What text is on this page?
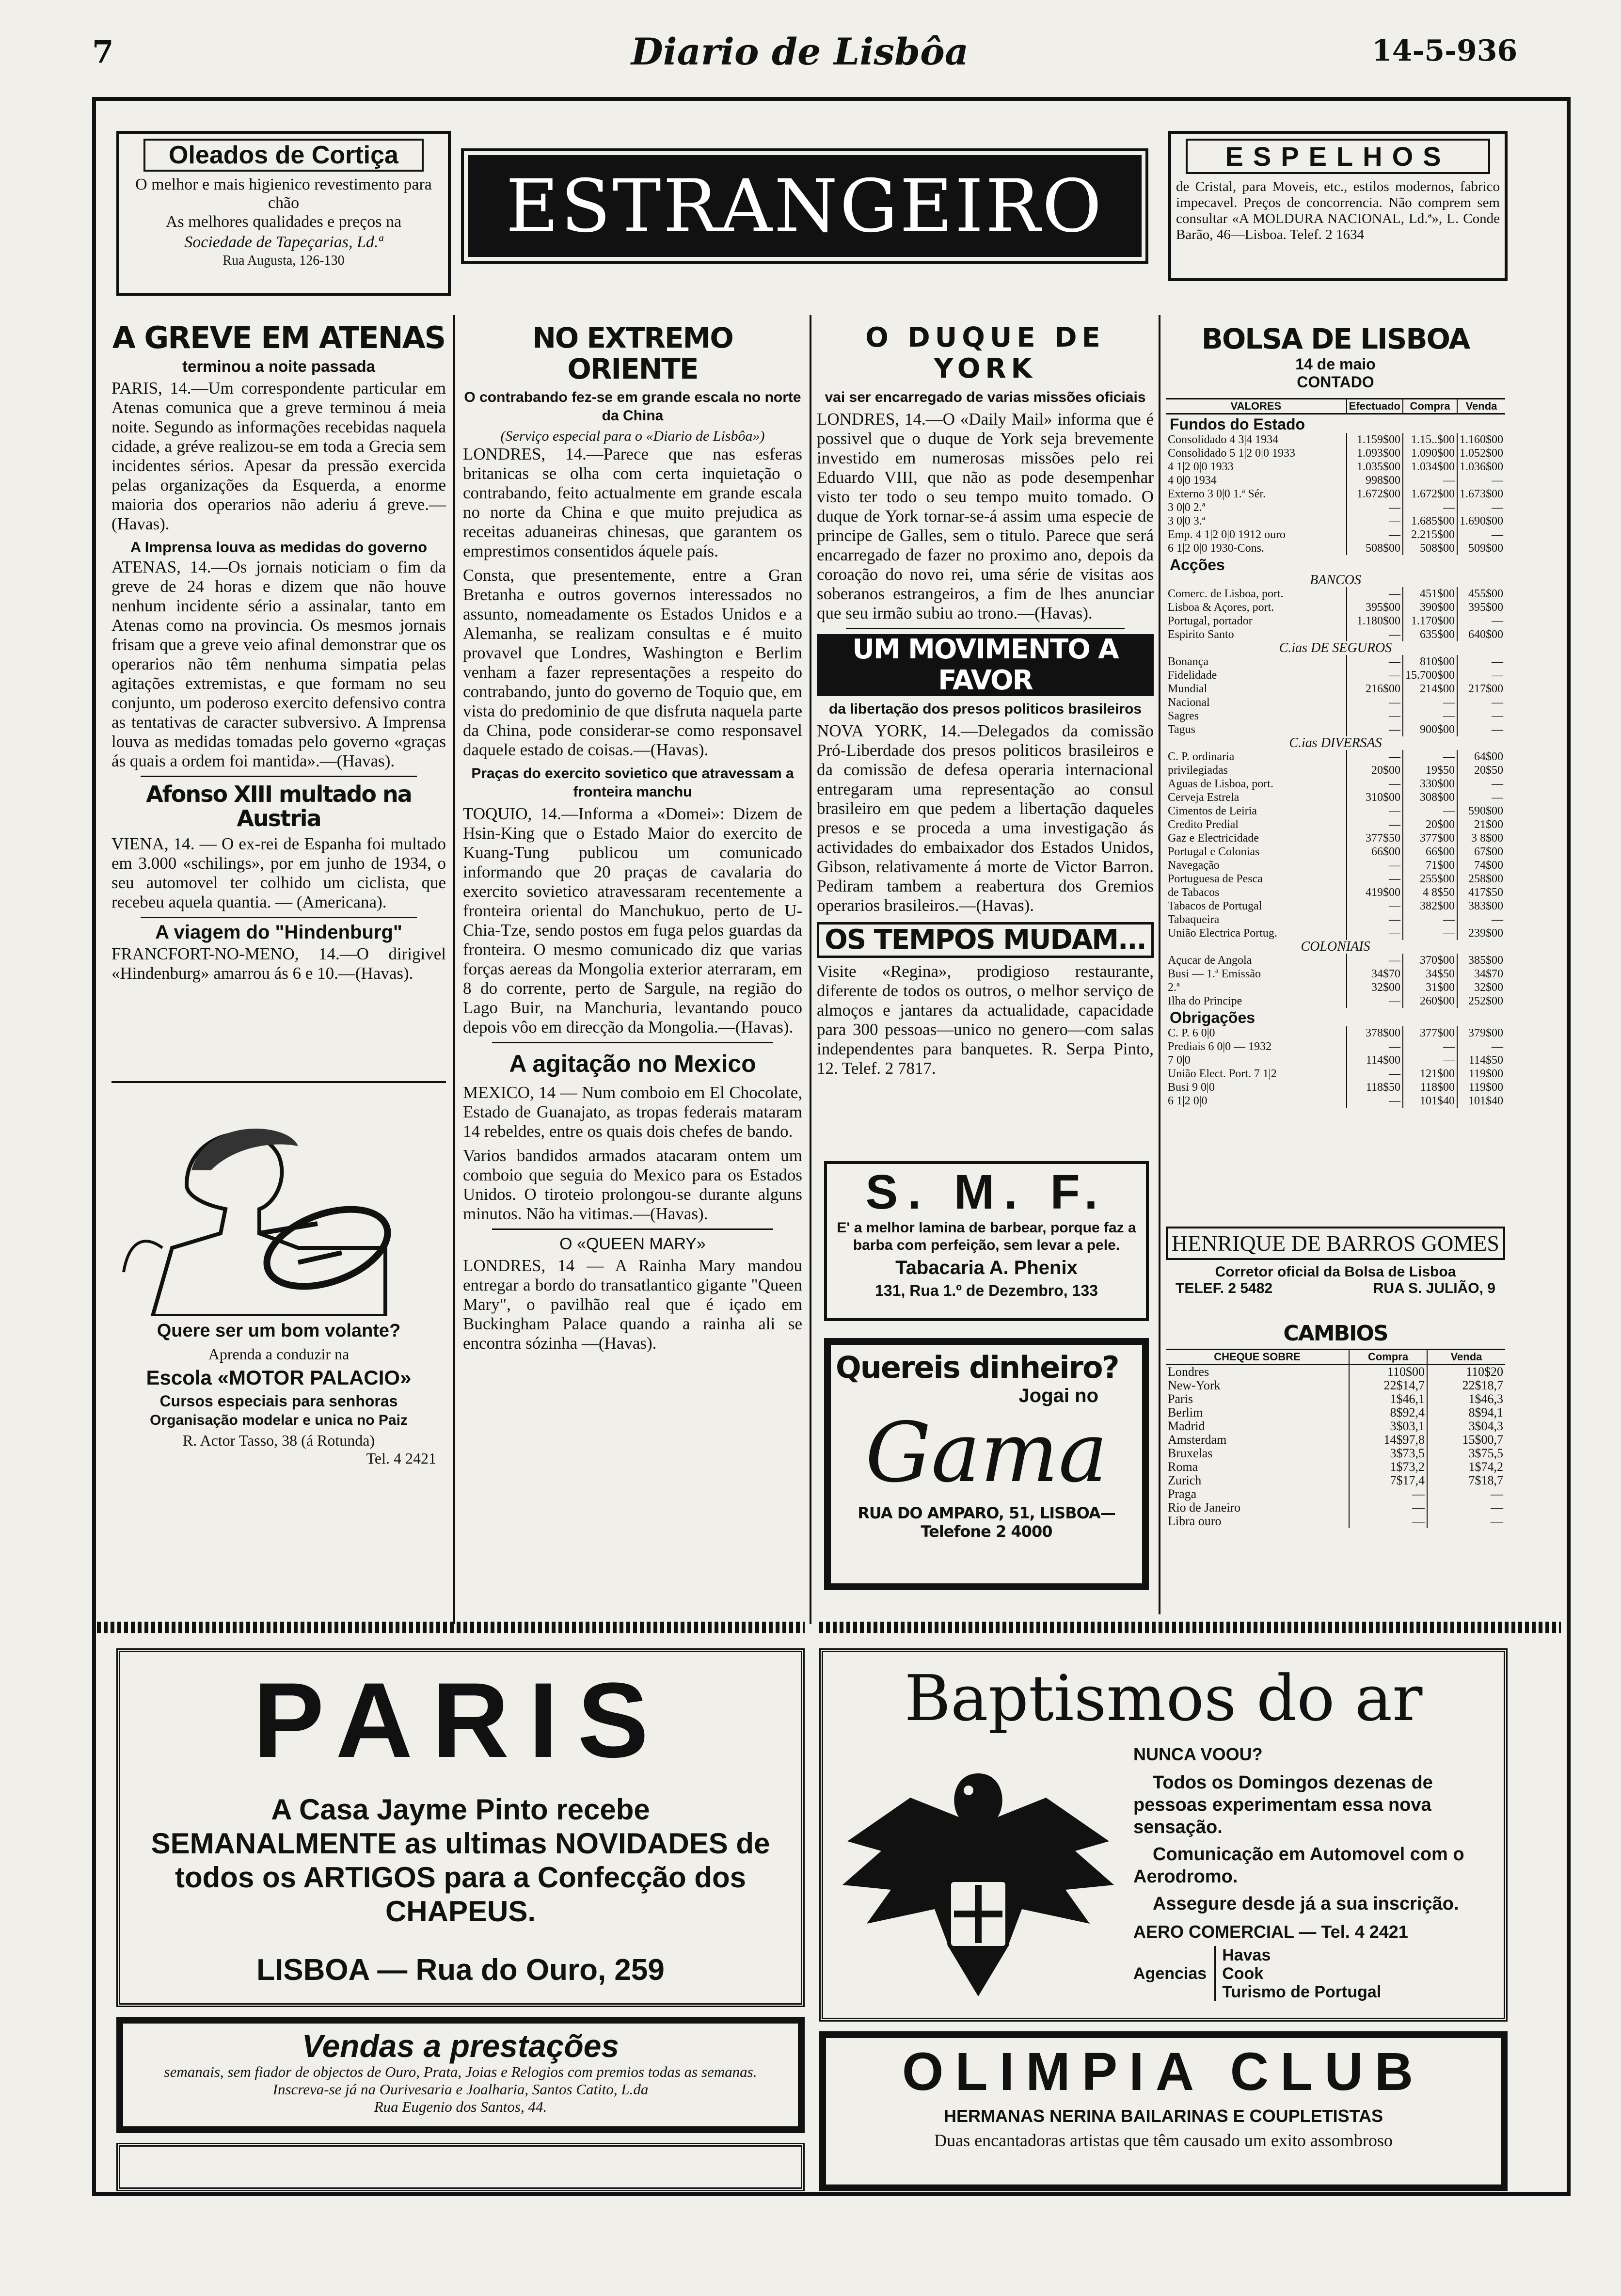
7	Diario de Lisbôa	14-5-936
Oleados de Cortiça
O melhor e mais higienico revestimento para chão
As melhores qualidades e preços na
Sociedade de Tapeçarias, Ld.ª
Rua Augusta, 126-130
ESTRANGEIRO
ESPELHOS
de Cristal, para Moveis, etc., estilos modernos, fabrico impecavel. Preços de concorrencia. Não comprem sem consultar «A MOLDURA NACIONAL, Ld.ª», L. Conde Barão, 46—Lisboa. Telef. 2 1634
A GREVE EM ATENAS
terminou a noite passada

PARIS, 14.—Um correspondente particular em Atenas comunica que a greve terminou á meia noite. Segundo as informações recebidas naquela cidade, a gréve realizou-se em toda a Grecia sem incidentes sérios. Apesar da pressão exercida pelas organizações da Esquerda, a enorme maioria dos operarios não aderiu á greve.—(Havas).

A Imprensa louva as medidas do governo

ATENAS, 14.—Os jornais noticiam o fim da greve de 24 horas e dizem que não houve nenhum incidente sério a assinalar, tanto em Atenas como na provincia. Os mesmos jornais frisam que a greve veio afinal demonstrar que os operarios não têm nenhuma simpatia pelas agitações extremistas, e que formam no seu conjunto, um poderoso exercito defensivo contra as tentativas de caracter subversivo. A Imprensa louva as medidas tomadas pelo governo «graças ás quais a ordem foi mantida».—(Havas).

Afonso XIII multado na Austria

VIENA, 14. — O ex-rei de Espanha foi multado em 3.000 «schilings», por em junho de 1934, o seu automovel ter colhido um ciclista, que recebeu aquela quantia. — (Americana).

A viagem do "Hindenburg"

FRANCFORT-NO-MENO, 14.—O dirigivel «Hindenburg» amarrou ás 6 e 10.—(Havas).

Quere ser um bom volante?
Aprenda a conduzir na
Escola «MOTOR PALACIO»
Cursos especiais para senhoras
Organisação modelar e unica no Paiz
R. Actor Tasso, 38 (á Rotunda)
Tel. 4 2421
NO EXTREMO ORIENTE
O contrabando fez-se em grande escala no norte da China
(Serviço especial para o «Diario de Lisbôa»)

LONDRES, 14.—Parece que nas esferas britanicas se olha com certa inquietação o contrabando, feito actualmente em grande escala no norte da China e que muito prejudica as receitas aduaneiras chinesas, que garantem os emprestimos consentidos áquele país.

Consta, que presentemente, entre a Gran Bretanha e outros governos interessados no assunto, nomeadamente os Estados Unidos e a Alemanha, se realizam consultas e é muito provavel que Londres, Washington e Berlim venham a fazer representações a respeito do contrabando, junto do governo de Toquio que, em vista do predominio de que disfruta naquela parte da China, pode considerar-se como responsavel daquele estado de coisas.—(Havas).

Praças do exercito sovietico que atravessam a fronteira manchu

TOQUIO, 14.—Informa a «Domei»: Dizem de Hsin-King que o Estado Maior do exercito de Kuang-Tung publicou um comunicado informando que 20 praças de cavalaria do exercito sovietico atravessaram recentemente a fronteira oriental do Manchukuo, perto de U-Chia-Tze, sendo postos em fuga pelos guardas da fronteira. O mesmo comunicado diz que varias forças aereas da Mongolia exterior aterraram, em 8 do corrente, perto de Sargule, na região do Lago Buir, na Manchuria, levantando pouco depois vôo em direcção da Mongolia.—(Havas).

A agitação no Mexico

MEXICO, 14 — Num comboio em El Chocolate, Estado de Guanajato, as tropas federais mataram 14 rebeldes, entre os quais dois chefes de bando.

Varios bandidos armados atacaram ontem um comboio que seguia do Mexico para os Estados Unidos. O tiroteio prolongou-se durante alguns minutos. Não ha vitimas.—(Havas).

O «QUEEN MARY»

LONDRES, 14 — A Rainha Mary mandou entregar a bordo do transatlantico gigante "Queen Mary", o pavilhão real que é içado em Buckingham Palace quando a rainha ali se encontra sózinha —(Havas).

O DUQUE DE YORK
vai ser encarregado de varias missões oficiais

LONDRES, 14.—O «Daily Mail» informa que é possivel que o duque de York seja brevemente investido em numerosas missões pelo rei Eduardo VIII, que não as pode desempenhar visto ter todo o seu tempo muito tomado. O duque de York tornar-se-á assim uma especie de principe de Galles, sem o titulo. Parece que será encarregado de fazer no proximo ano, depois da coroação do novo rei, uma série de visitas aos soberanos estrangeiros, a fim de lhes anunciar que seu irmão subiu ao trono.—(Havas).

UM MOVIMENTO A FAVOR
da libertação dos presos politicos brasileiros

NOVA YORK, 14.—Delegados da comissão Pró-Liberdade dos presos politicos brasileiros e da comissão de defesa operaria internacional entregaram uma representação ao consul brasileiro em que pedem a libertação daqueles presos e se proceda a uma investigação ás actividades do embaixador dos Estados Unidos, Gibson, relativamente á morte de Victor Barron. Pediram tambem a reabertura dos Gremios operarios brasileiros.—(Havas).

OS TEMPOS MUDAM...

Visite «Regina», prodigioso restaurante, diferente de todos os outros, o melhor serviço de almoços e jantares da actualidade, capacidade para 300 pessoas—unico no genero—com salas independentes para banquetes. R. Serpa Pinto, 12. Telef. 2 7817.

S. M. F.
E' a melhor lamina de barbear, porque faz a barba com perfeição, sem levar a pele.
Tabacaria A. Phenix
131, Rua 1.º de Dezembro, 133
Quereis dinheiro?
Jogai no
Gama
RUA DO AMPARO, 51, LISBOA—Telefone 2 4000
BOLSA DE LISBOA
14 de maio
CONTADO
VALORES	Efectuado	Compra	Venda
Fundos do Estado			
Consolidado 4 3|4 1934	1.159$00	1.15..$00	1.160$00
Consolidado 5 1|2 0|0 1933	1.093$00	1.090$00	1.052$00
4 1|2 0|0 1933	1.035$00	1.034$00	1.036$00
4 0|0 1934	998$00	—	—
Externo 3 0|0 1.ª Sér.	1.672$00	1.672$00	1.673$00
3 0|0 2.ª	—	—	—
3 0|0 3.ª	—	1.685$00	1.690$00
Emp. 4 1|2 0|0 1912 ouro	—	2.215$00	—
6 1|2 0|0 1930-Cons.	508$00	508$00	509$00
Acções			
BANCOS			
Comerc. de Lisboa, port.	—	451$00	455$00
Lisboa & Açores, port.	395$00	390$00	395$00
Portugal, portador	1.180$00	1.170$00	—
Espirito Santo	—	635$00	640$00
C.ias DE SEGUROS			
Bonança	—	810$00	—
Fidelidade	—	15.700$00	—
Mundial	216$00	214$00	217$00
Nacional	—	—	—
Sagres	—	—	—
Tagus	—	900$00	—
C.ias DIVERSAS			
C. P. ordinaria	—	—	64$00
privilegiadas	20$00	19$50	20$50
Aguas de Lisboa, port.	—	330$00	—
Cerveja Estrela	310$00	308$00	—
Cimentos de Leiria	—	—	590$00
Credito Predial	—	20$00	21$00
Gaz e Electricidade	377$50	377$00	3 8$00
Portugal e Colonias	66$00	66$00	67$00
Navegação	—	71$00	74$00
Portuguesa de Pesca	—	255$00	258$00
de Tabacos	419$00	4 8$50	417$50
Tabacos de Portugal	—	382$00	383$00
Tabaqueira	—	—	—
União Electrica Portug.	—	—	239$00
COLONIAIS			
Açucar de Angola	—	370$00	385$00
Busi — 1.ª Emissão	34$70	34$50	34$70
2.ª	32$00	31$00	32$00
Ilha do Principe	—	260$00	252$00
Obrigações			
C. P. 6 0|0	378$00	377$00	379$00
Prediais 6 0|0 — 1932	—	—	—
7 0|0	114$00	—	114$50
União Elect. Port. 7 1|2	—	121$00	119$00
Busi 9 0|0	118$50	118$00	119$00
6 1|2 0|0	—	101$40	101$40
HENRIQUE DE BARROS GOMES
Corretor oficial da Bolsa de Lisboa
TELEF. 2 5482	RUA S. JULIÃO, 9
CAMBIOS
CHEQUE SOBRE	Compra	Venda
Londres	110$00	110$20
New-York	22$14,7	22$18,7
Paris	1$46,1	1$46,3
Berlim	8$92,4	8$94,1
Madrid	3$03,1	3$04,3
Amsterdam	14$97,8	15$00,7
Bruxelas	3$73,5	3$75,5
Roma	1$73,2	1$74,2
Zurich	7$17,4	7$18,7
Praga	—	—
Rio de Janeiro	—	—
Libra ouro	—	—
PARIS
A Casa Jayme Pinto recebe SEMANALMENTE as ultimas NOVIDADES de todos os ARTIGOS para a Confecção dos CHAPEUS.
LISBOA — Rua do Ouro, 259
Vendas a prestações
semanais, sem fiador de objectos de Ouro, Prata, Joias e Relogios com premios todas as semanas. Inscreva-se já na Ourivesaria e Joalharia, Santos Catito, L.da
Rua Eugenio dos Santos, 44.
Baptismos do ar
NUNCA VOOU?
Todos os Domingos dezenas de pessoas experimentam essa nova sensação.
Comunicação em Automovel com o Aerodromo.
Assegure desde já a sua inscrição.
AERO COMERCIAL — Tel. 4 2421
Agencias
Havas
Cook
Turismo de Portugal
OLIMPIA CLUB
HERMANAS NERINA BAILARINAS E COUPLETISTAS
Duas encantadoras artistas que têm causado um exito assombroso
